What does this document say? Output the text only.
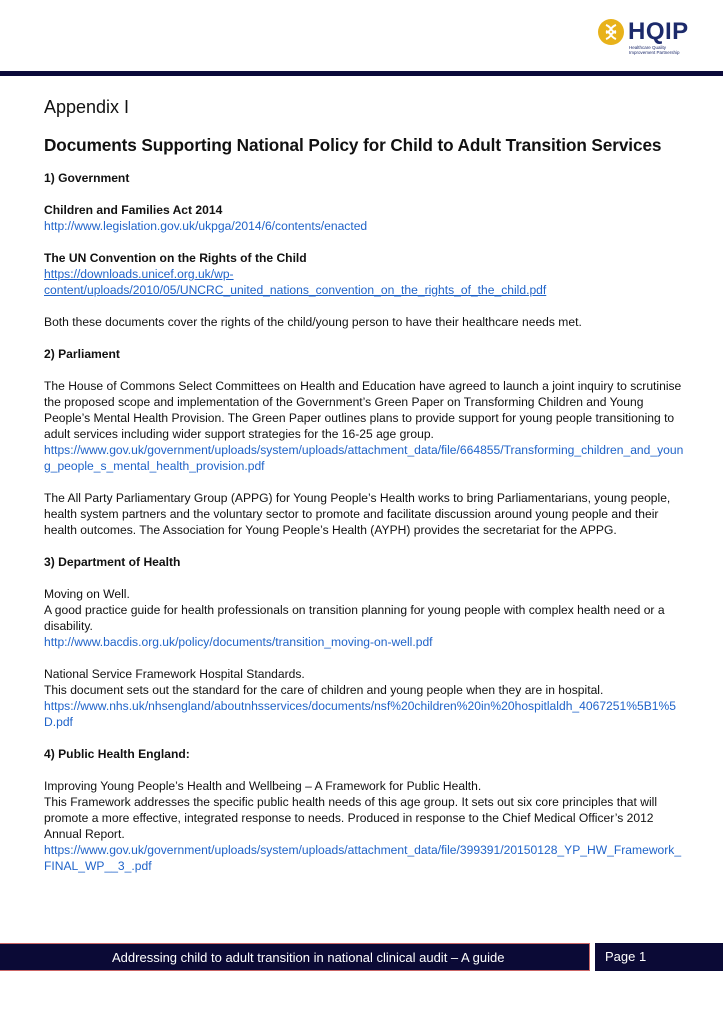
HQIP
Healthcare Quality
Improvement Partnership
Appendix I
Documents Supporting National Policy for Child to Adult Transition Services
1) Government
Children and Families Act 2014
http://www.legislation.gov.uk/ukpga/2014/6/contents/enacted
The UN Convention on the Rights of the Child
https://downloads.unicef.org.uk/wp-
content/uploads/2010/05/UNCRC_united_nations_convention_on_the_rights_of_the_child.pdf

Both these documents cover the rights of the child/young person to have their healthcare needs met.

2) Parliament
The House of Commons Select Committees on Health and Education have agreed to launch a joint inquiry to scrutinise the proposed scope and implementation of the Government’s Green Paper on Transforming Children and Young People’s Mental Health Provision. The Green Paper outlines plans to provide support for young people transitioning to adult services including wider support strategies for the 16-25 age group.
https://www.gov.uk/government/uploads/system/uploads/attachment_data/file/664855/Transforming_children_and_young_people_s_mental_health_provision.pdf
The All Party Parliamentary Group (APPG) for Young People’s Health works to bring Parliamentarians, young people, health system partners and the voluntary sector to promote and facilitate discussion around young people and their health outcomes. The Association for Young People’s Health (AYPH) provides the secretariat for the APPG.
3) Department of Health
Moving on Well.
A good practice guide for health professionals on transition planning for young people with complex health need or a disability.
http://www.bacdis.org.uk/policy/documents/transition_moving-on-well.pdf
National Service Framework Hospital Standards.
This document sets out the standard for the care of children and young people when they are in hospital.
https://www.nhs.uk/nhsengland/aboutnhsservices/documents/nsf%20children%20in%20hospitlaldh_4067251%5B1%5D.pdf
4) Public Health England:
Improving Young People’s Health and Wellbeing – A Framework for Public Health.
This Framework addresses the specific public health needs of this age group. It sets out six core principles that will promote a more effective, integrated response to needs. Produced in response to the Chief Medical Officer’s 2012 Annual Report.
https://www.gov.uk/government/uploads/system/uploads/attachment_data/file/399391/20150128_YP_HW_Framework_FINAL_WP__3_.pdf
Addressing child to adult transition in national clinical audit – A guide	Page 1
